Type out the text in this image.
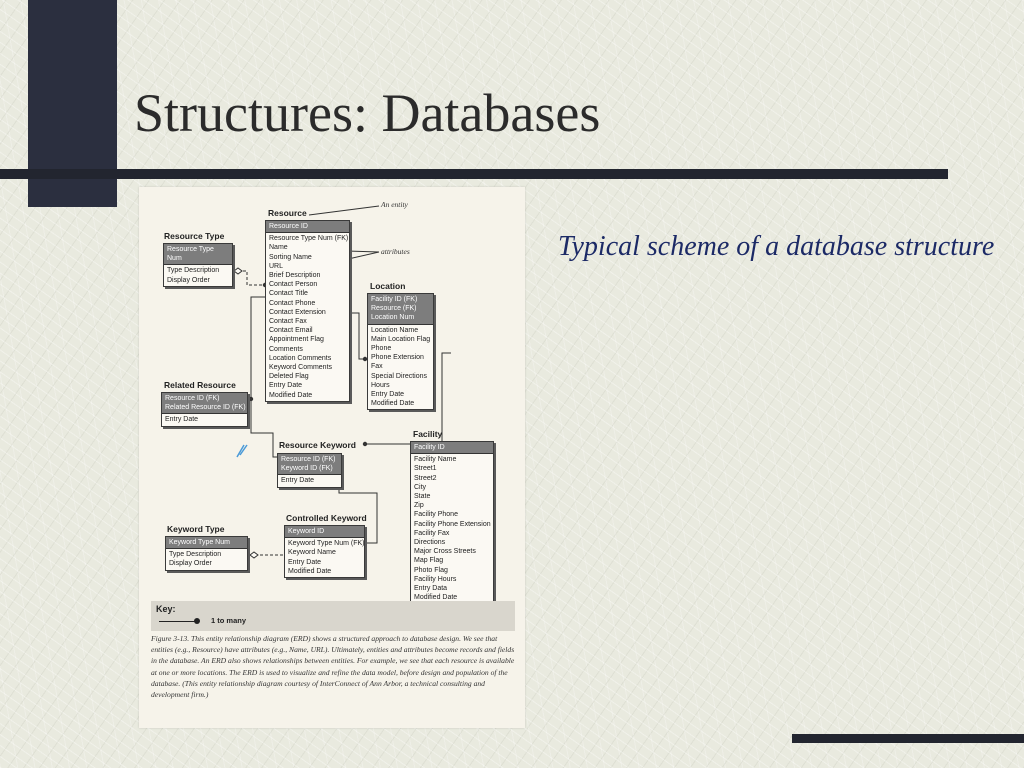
Structures: Databases

Typical scheme of a database structure

An entity
attributes
Resource
Resource ID
Resource Type Num (FK)
Name
Sorting Name
URL
Brief Description
Contact Person
Contact Title
Contact Phone
Contact Extension
Contact Fax
Contact Email
Appointment Flag
Comments
Location Comments
Keyword Comments
Deleted Flag
Entry Date
Modified Date
Resource Type
Resource Type Num
Type Description
Display Order
Location
Facility ID (FK)
Resource (FK)
Location Num
Location Name
Main Location Flag
Phone
Phone Extension
Fax
Special Directions
Hours
Entry Date
Modified Date
Related Resource
Resource ID (FK)
Related Resource ID (FK)
Entry Date
Resource Keyword
Resource ID (FK)
Keyword ID (FK)
Entry Date
Facility
Facility ID
Facility Name
Street1
Street2
City
State
Zip
Facility Phone
Facility Phone Extension
Facility Fax
Directions
Major Cross Streets
Map Flag
Photo Flag
Facility Hours
Entry Data
Modified Date
Keyword Type
Keyword Type Num
Type Description
Display Order
Controlled Keyword
Keyword ID
Keyword Type Num (FK)
Keyword Name
Entry Date
Modified Date
Key:
1 to many

Figure 3-13. This entity relationship diagram (ERD) shows a structured approach to database design. We see that entities (e.g., Resource) have attributes (e.g., Name, URL). Ultimately, entities and attributes become records and fields in the database. An ERD also shows relationships between entities. For example, we see that each resource is available at one or more locations. The ERD is used to visualize and refine the data model, before design and population of the database. (This entity relationship diagram courtesy of InterConnect of Ann Arbor, a technical consulting and development firm.)
